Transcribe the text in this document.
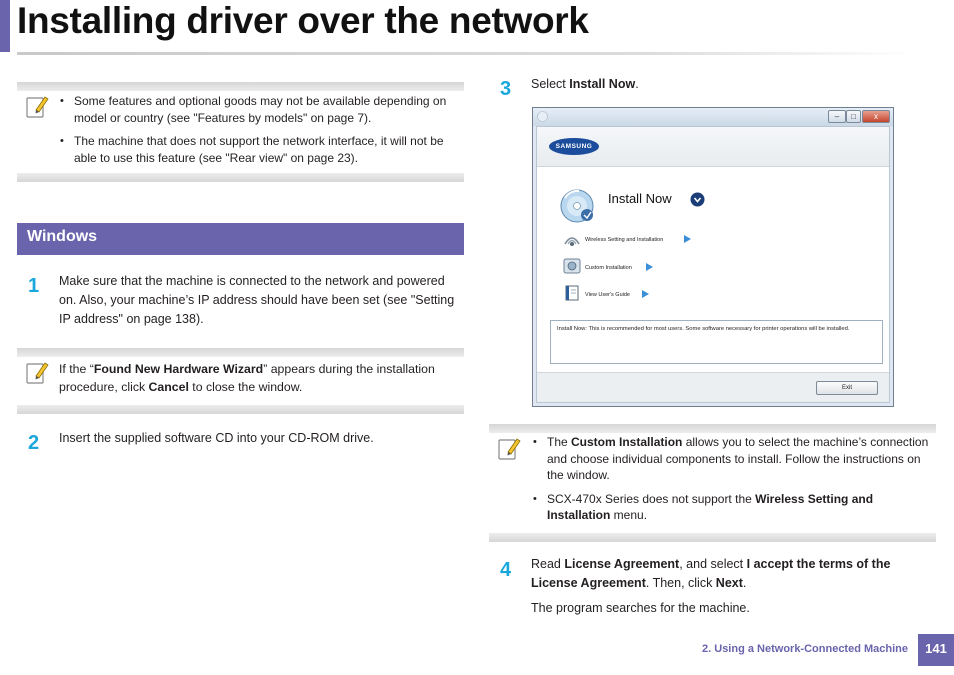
Installing driver over the network
• Some features and optional goods may not be available depending on model or country (see "Features by models" on page 7).
• The machine that does not support the network interface, it will not be able to use this feature (see "Rear view" on page 23).
Windows
1 Make sure that the machine is connected to the network and powered on. Also, your machine’s IP address should have been set (see "Setting IP address" on page 138).
If the “Found New Hardware Wizard” appears during the installation procedure, click Cancel to close the window.
2 Insert the supplied software CD into your CD-ROM drive.
3 Select Install Now.
–	□	x
SAMSUNG
Install Now
Wireless Setting and Installation
Custom Installation
View User's Guide
Install Now: This is recommended for most users. Some software necessary for printer operations will be installed.
Exit
• The Custom Installation allows you to select the machine’s connection and choose individual components to install. Follow the instructions on the window.
• SCX-470x Series does not support the Wireless Setting and Installation menu.
4 Read License Agreement, and select I accept the terms of the License Agreement. Then, click Next.
The program searches for the machine.
2. Using a Network-Connected Machine	141
